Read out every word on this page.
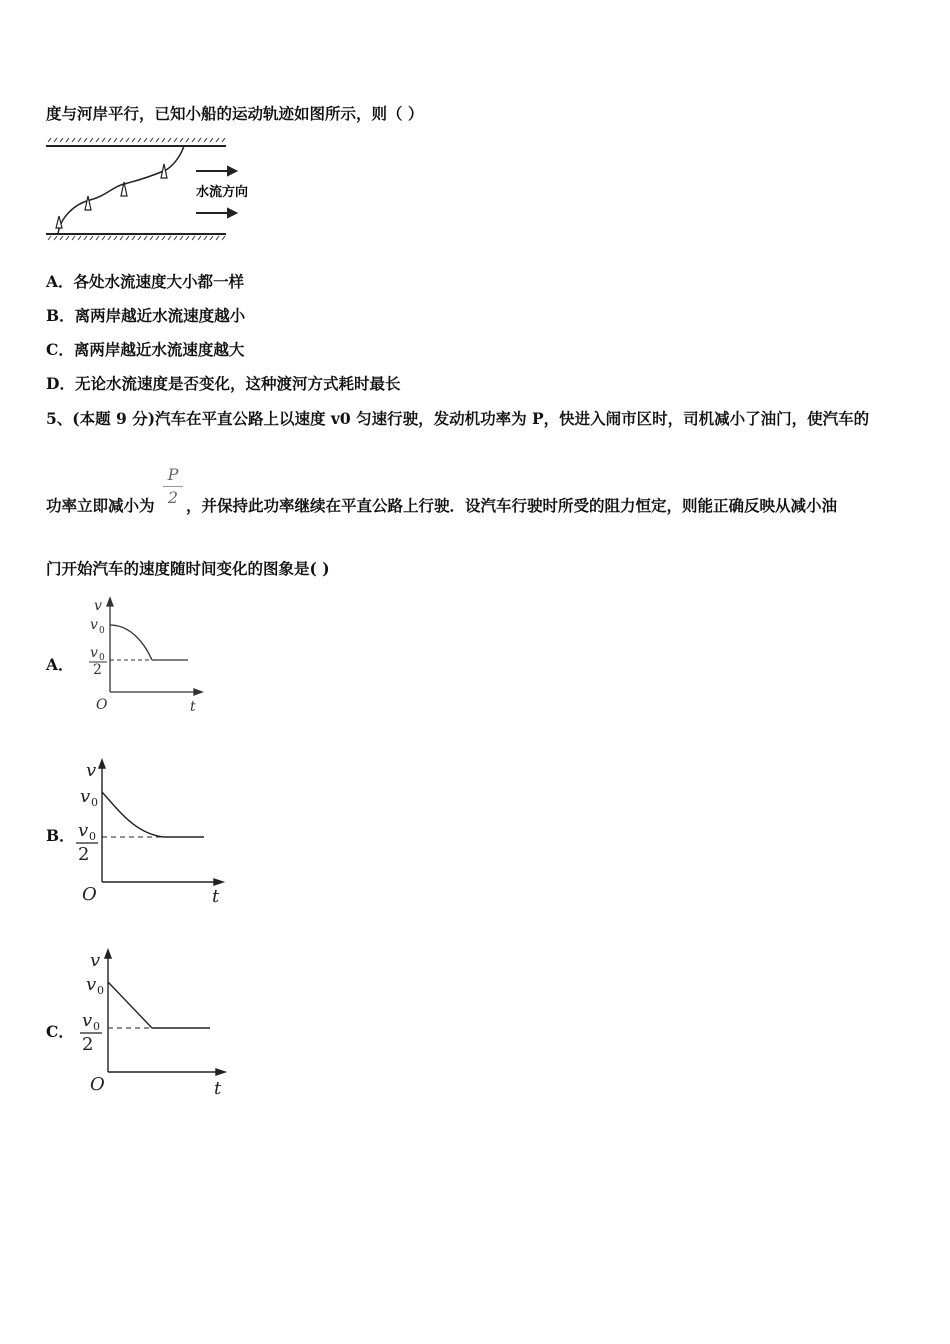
度与河岸平行，已知小船的运动轨迹如图所示，则（ ）
水流方向
A．各处水流速度大小都一样
B．离两岸越近水流速度越小
C．离两岸越近水流速度越大
D．无论水流速度是否变化，这种渡河方式耗时最长
5、(本题 9 分)汽车在平直公路上以速度 v0 匀速行驶，发动机功率为 P，快进入闹市区时，司机减小了油门，使汽车的
功率立即减小为
P
2 ，并保持此功率继续在平直公路上行驶．设汽车行驶时所受的阻力恒定，则能正确反映从减小油
门开始汽车的速度随时间变化的图象是( )
A．
v
v 0
v 0
2
O	t
B．
v
v 0
v 0
2
O	t
C．
v
v 0
v 0
2
O	t
